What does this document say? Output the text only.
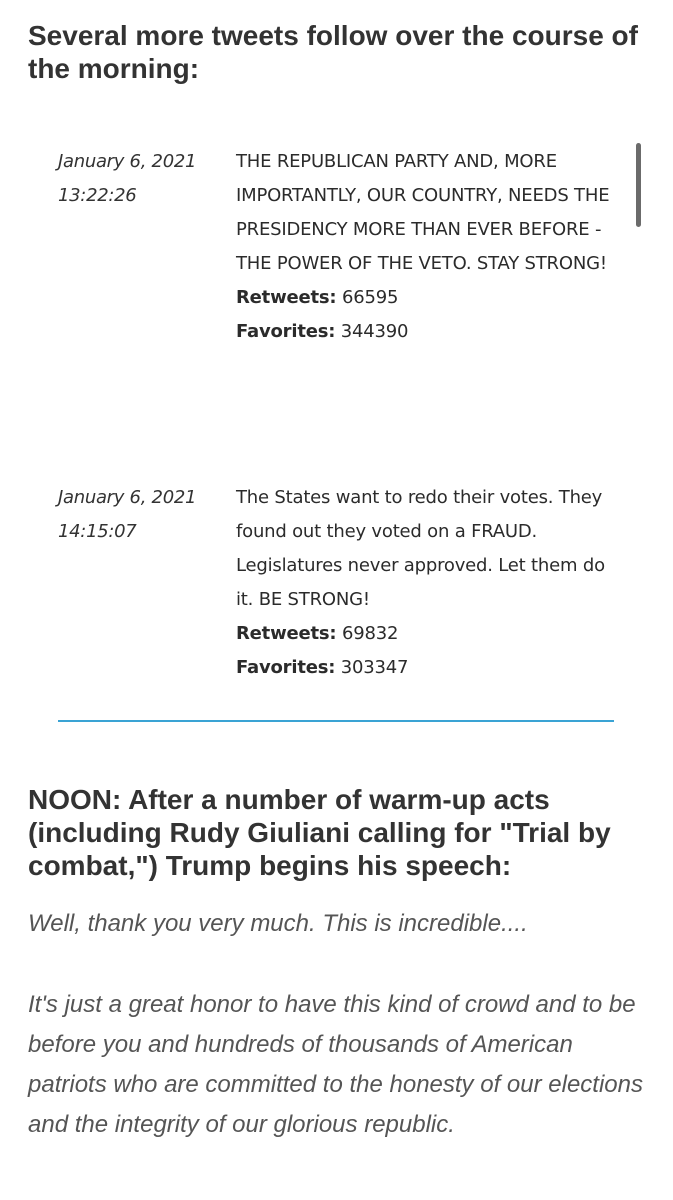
Several more tweets follow over the course of the morning:
January 6, 2021
13:22:26
THE REPUBLICAN PARTY AND, MORE IMPORTANTLY, OUR COUNTRY, NEEDS THE PRESIDENCY MORE THAN EVER BEFORE - THE POWER OF THE VETO. STAY STRONG!
Retweets: 66595
Favorites: 344390
January 6, 2021
14:15:07
The States want to redo their votes. They found out they voted on a FRAUD. Legislatures never approved. Let them do it. BE STRONG!
Retweets: 69832
Favorites: 303347
NOON: After a number of warm-up acts (including Rudy Giuliani calling for "Trial by combat,") Trump begins his speech:

Well, thank you very much. This is incredible....

It's just a great honor to have this kind of crowd and to be before you and hundreds of thousands of American patriots who are committed to the honesty of our elections and the integrity of our glorious republic.
